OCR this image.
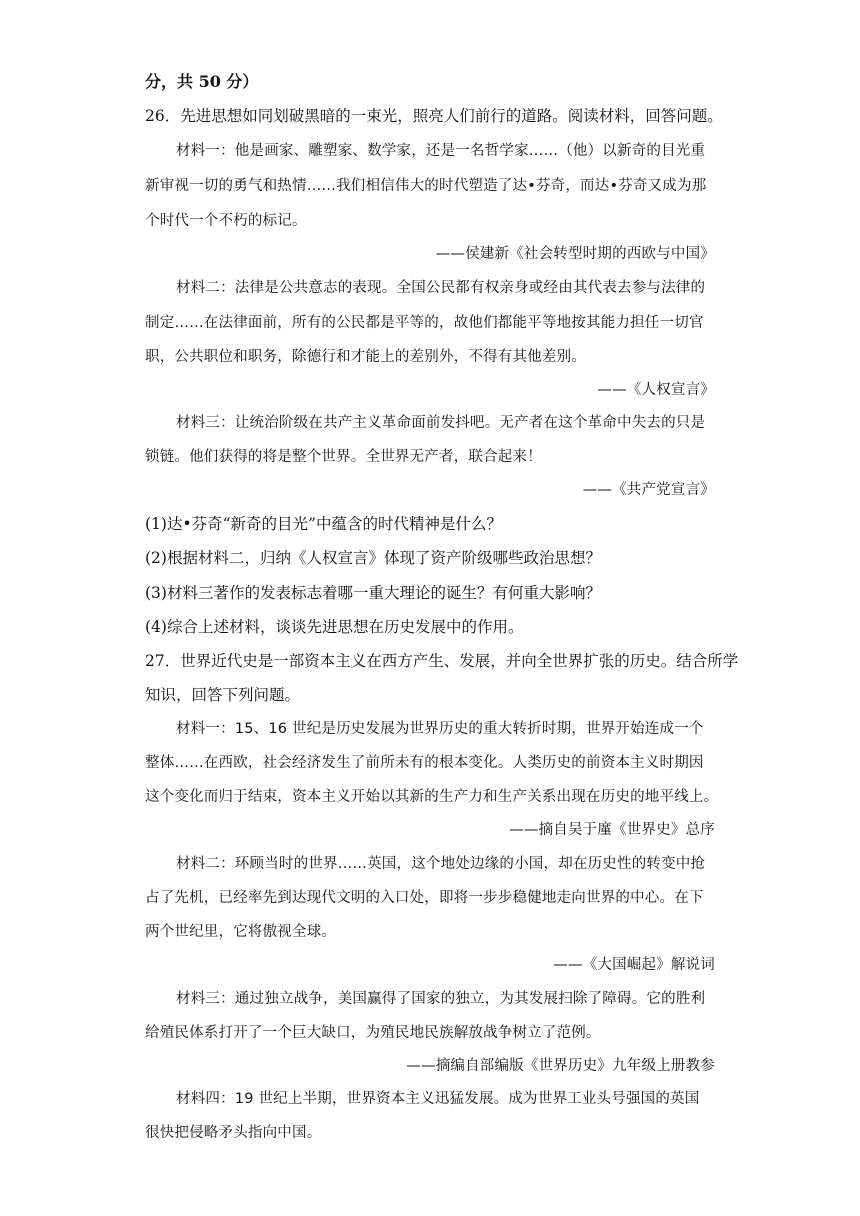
分，共 50 分）
26．先进思想如同划破黑暗的一束光，照亮人们前行的道路。阅读材料，回答问题。
材料一：他是画家、雕塑家、数学家，还是一名哲学家……（他）以新奇的目光重
新审视一切的勇气和热情……我们相信伟大的时代塑造了达•芬奇，而达•芬奇又成为那
个时代一个不朽的标记。
——侯建新《社会转型时期的西欧与中国》
材料二：法律是公共意志的表现。全国公民都有权亲身或经由其代表去参与法律的
制定……在法律面前，所有的公民都是平等的，故他们都能平等地按其能力担任一切官
职，公共职位和职务，除德行和才能上的差别外，不得有其他差别。
——《人权宣言》
材料三：让统治阶级在共产主义革命面前发抖吧。无产者在这个革命中失去的只是
锁链。他们获得的将是整个世界。全世界无产者，联合起来！
——《共产党宣言》
(1)达•芬奇“新奇的目光”中蕴含的时代精神是什么？
(2)根据材料二，归纳《人权宣言》体现了资产阶级哪些政治思想？
(3)材料三著作的发表标志着哪一重大理论的诞生？有何重大影响？
(4)综合上述材料，谈谈先进思想在历史发展中的作用。
27．世界近代史是一部资本主义在西方产生、发展，并向全世界扩张的历史。结合所学
知识，回答下列问题。
材料一：15、16 世纪是历史发展为世界历史的重大转折时期，世界开始连成一个
整体……在西欧，社会经济发生了前所未有的根本变化。人类历史的前资本主义时期因
这个变化而归于结束，资本主义开始以其新的生产力和生产关系出现在历史的地平线上。
——摘自吴于廑《世界史》总序
材料二：环顾当时的世界……英国，这个地处边缘的小国，却在历史性的转变中抢
占了先机，已经率先到达现代文明的入口处，即将一步步稳健地走向世界的中心。在下
两个世纪里，它将傲视全球。
——《大国崛起》解说词
材料三：通过独立战争，美国赢得了国家的独立，为其发展扫除了障碍。它的胜利
给殖民体系打开了一个巨大缺口，为殖民地民族解放战争树立了范例。
——摘编自部编版《世界历史》九年级上册教参
材料四：19 世纪上半期，世界资本主义迅猛发展。成为世界工业头号强国的英国
很快把侵略矛头指向中国。
